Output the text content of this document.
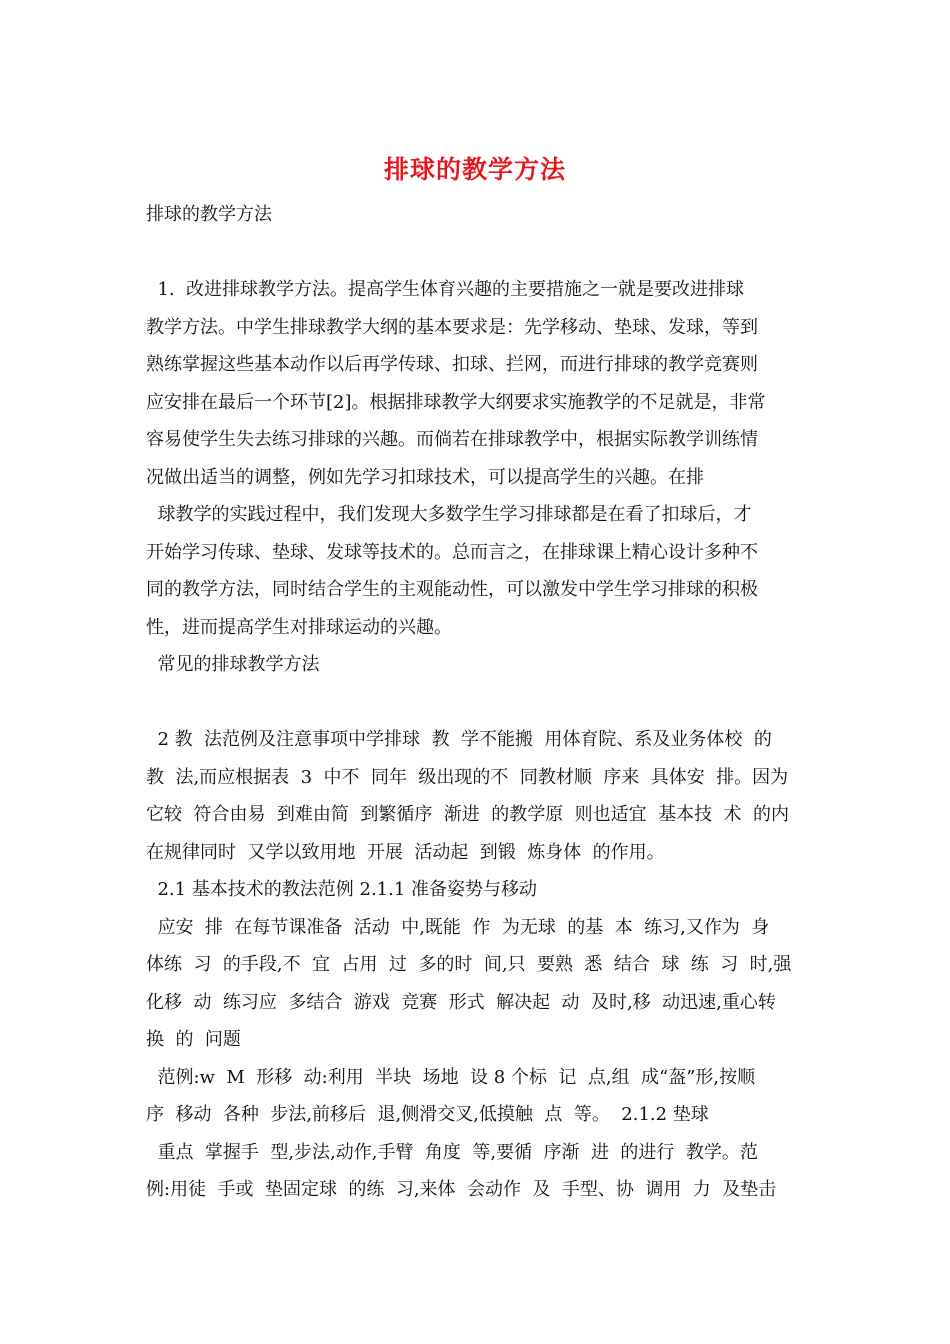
排球的教学方法
排球的教学方法
1.  改进排球教学方法。提高学生体育兴趣的主要措施之一就是要改进排球
教学方法。中学生排球教学大纲的基本要求是：先学移动、垫球、发球，等到
熟练掌握这些基本动作以后再学传球、扣球、拦网，而进行排球的教学竞赛则
应安排在最后一个环节[2]。根据排球教学大纲要求实施教学的不足就是，非常
容易使学生失去练习排球的兴趣。而倘若在排球教学中，根据实际教学训练情
况做出适当的调整，例如先学习扣球技术，可以提高学生的兴趣。在排
球教学的实践过程中，我们发现大多数学生学习排球都是在看了扣球后，才
开始学习传球、垫球、发球等技术的。总而言之，在排球课上精心设计多种不
同的教学方法，同时结合学生的主观能动性，可以激发中学生学习排球的积极
性，进而提高学生对排球运动的兴趣。
常见的排球教学方法
2 教  法范例及注意事项中学排球  教  学不能搬  用体育院、系及业务体校  的
教  法,而应根据表  3  中不  同年  级出现的不  同教材顺  序来  具体安  排。因为
它较  符合由易  到难由简  到繁循序  渐进  的教学原  则也适宜  基本技  术  的内
在规律同时  又学以致用地  开展  活动起  到锻  炼身体  的作用。
2.1 基本技术的教法范例 2.1.1 准备姿势与移动
应安  排  在每节课准备  活动  中,既能  作  为无球  的基  本  练习,又作为  身
体练  习  的手段,不  宜  占用  过  多的时  间,只  要熟  悉  结合  球  练  习  时,强
化移  动  练习应  多结合  游戏  竞赛  形式  解决起  动  及时,移  动迅速,重心转
换  的  问题
范例:w  M  形移  动:利用  半块  场地  设 8 个标  记  点,组  成“盔”形,按顺
序  移动  各种  步法,前移后  退,侧滑交叉,低摸触  点  等。  2.1.2 垫球
重点  掌握手  型,步法,动作,手臂  角度  等,要循  序渐  进  的进行  教学。范
例:用徒  手或  垫固定球  的练  习,来体  会动作  及  手型、协  调用  力  及垫击
